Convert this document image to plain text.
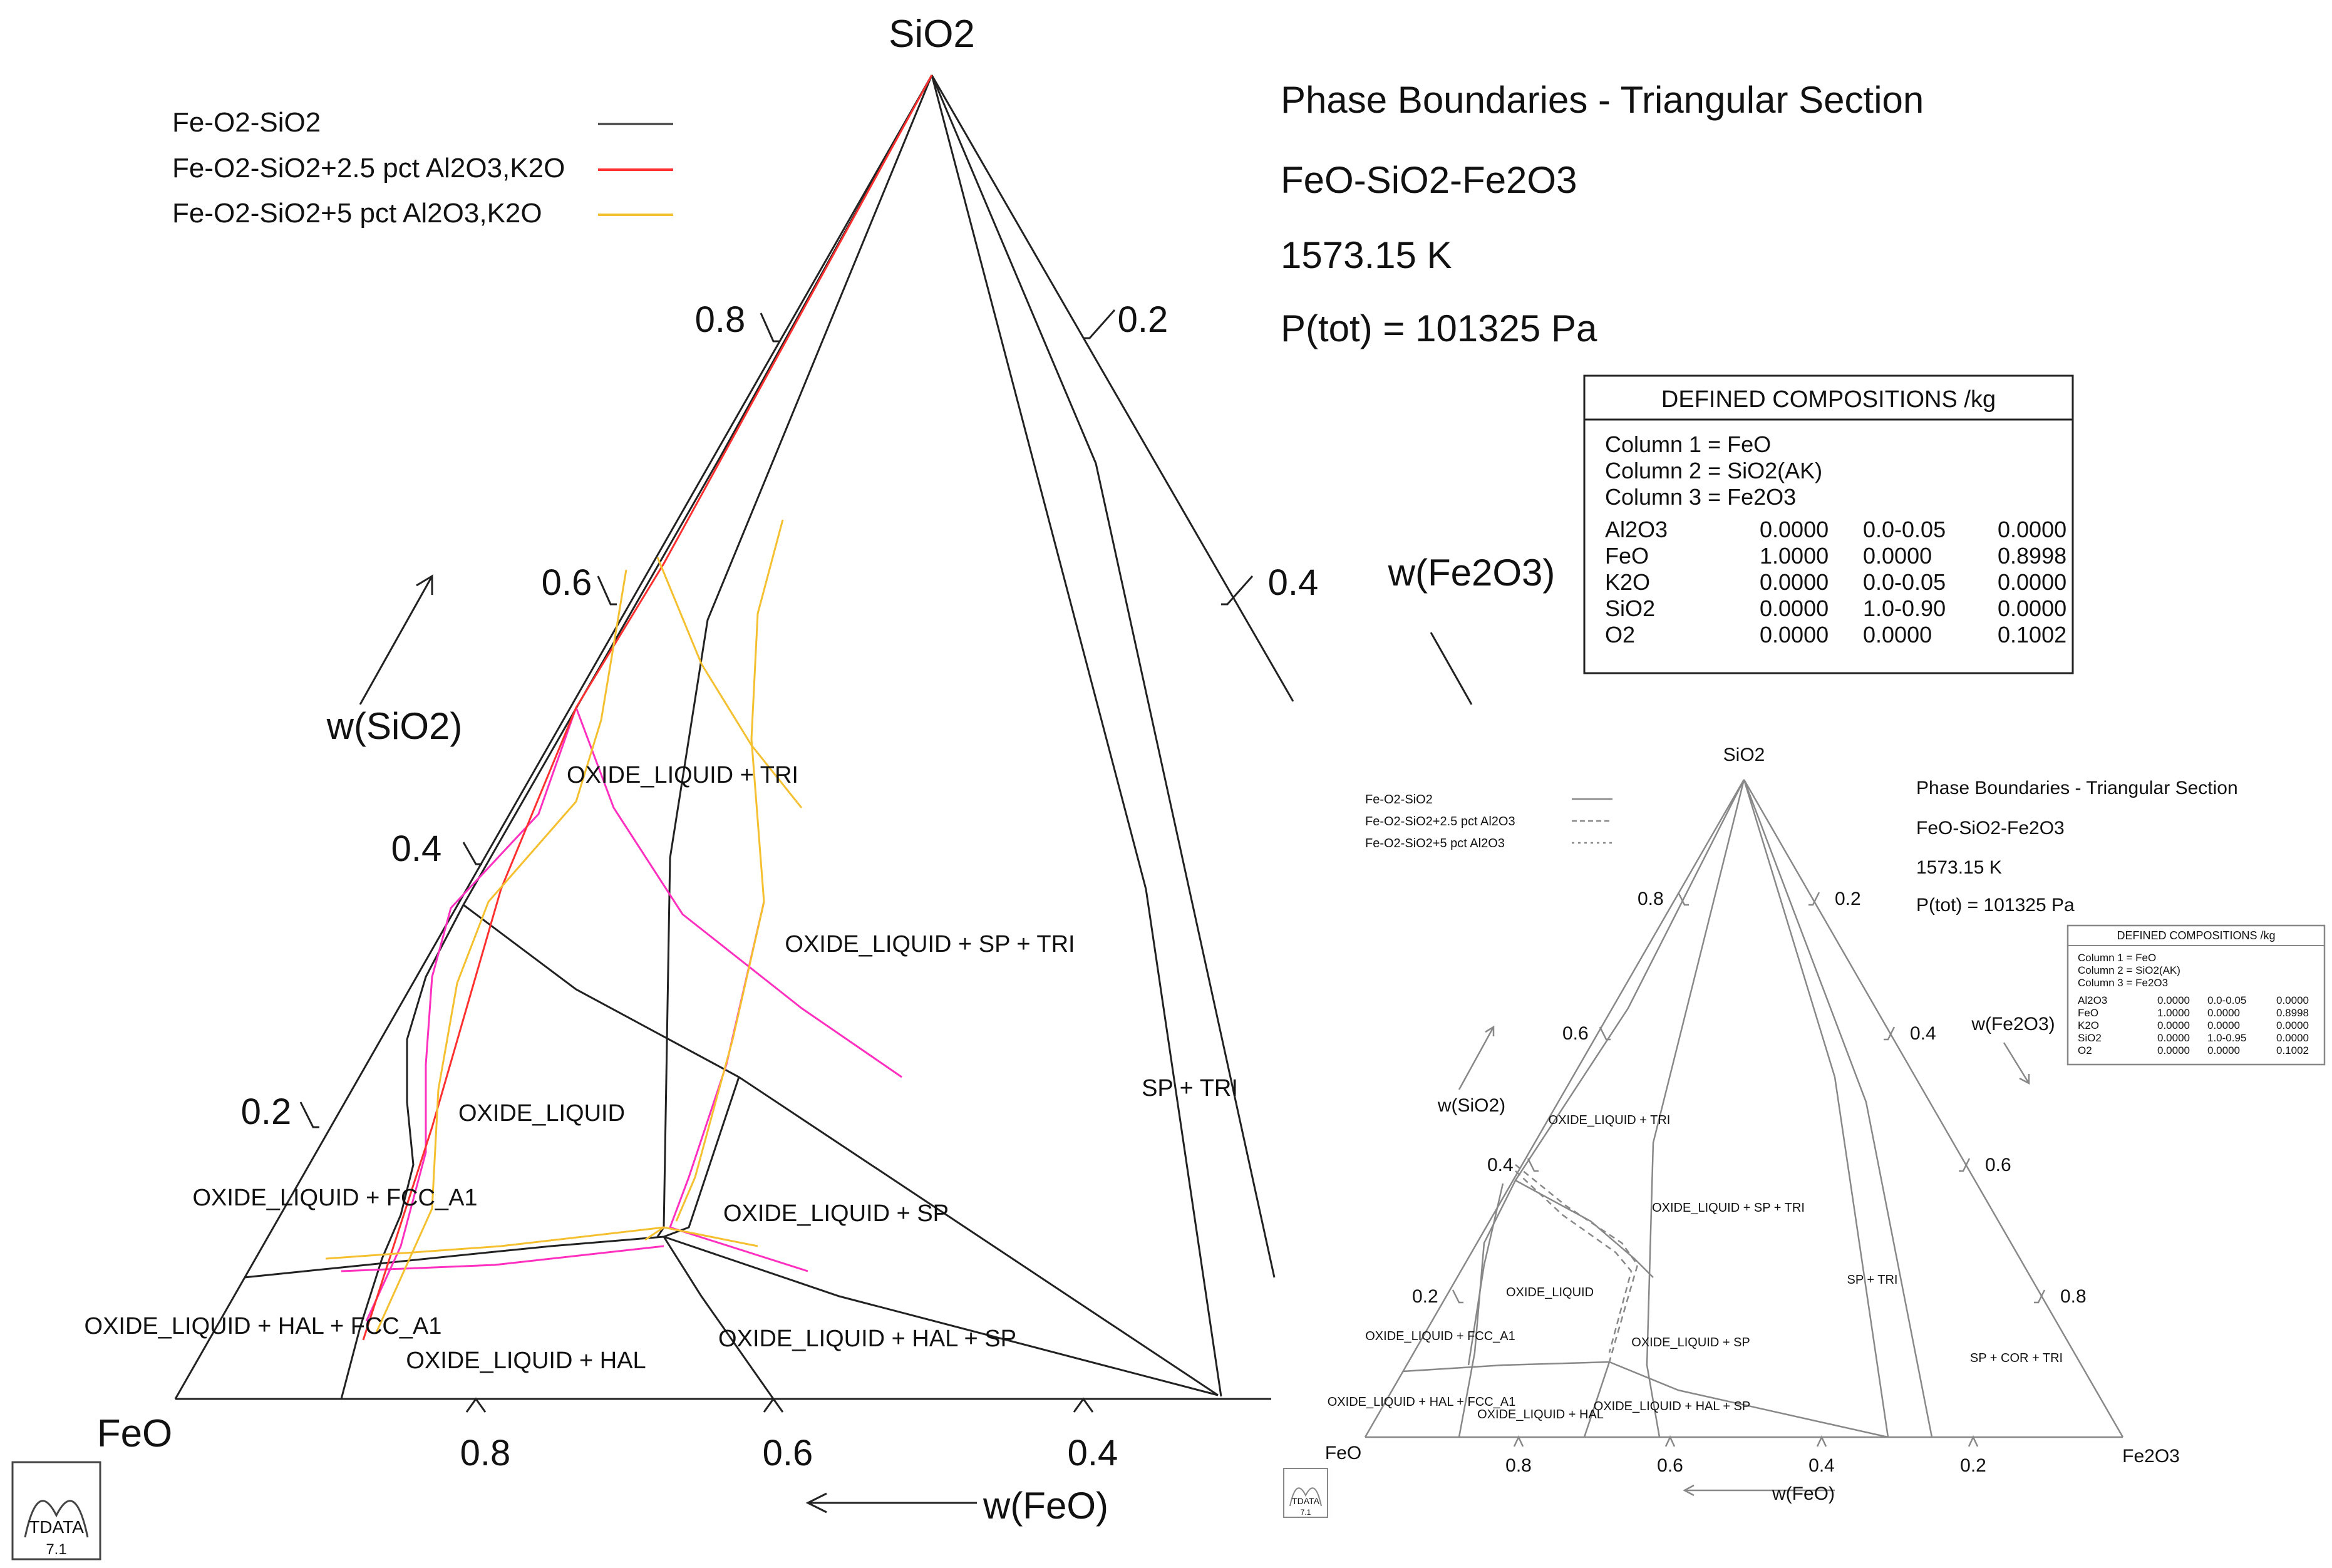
SiO2
FeO
0.8
0.6
0.4
0.2
0.2
0.4
0.8	0.6	0.4
w(SiO2)
w(FeO)
w(Fe2O3)
Phase Boundaries - Triangular Section
FeO-SiO2-Fe2O3
1573.15 K
P(tot) = 101325 Pa
Fe-O2-SiO2
Fe-O2-SiO2+2.5 pct Al2O3,K2O
Fe-O2-SiO2+5 pct Al2O3,K2O
OXIDE_LIQUID + TRI
OXIDE_LIQUID + SP + TRI
SP + TRI
OXIDE_LIQUID
OXIDE_LIQUID + FCC_A1
OXIDE_LIQUID + SP
OXIDE_LIQUID + HAL + FCC_A1
OXIDE_LIQUID + HAL
OXIDE_LIQUID + HAL + SP
DEFINED COMPOSITIONS /kg
Column 1 = FeO
Column 2 = SiO2(AK)
Column 3 = Fe2O3
Al2O3	0.0000 0.0-0.05 0.0000
FeO	1.0000 0.0000	0.8998
K2O	0.0000 0.0-0.05 0.0000
SiO2	0.0000 1.0-0.90 0.0000
O2	0.0000 0.0000	0.1002
TDATA
7.1
SiO2
FeO	Fe2O3
0.8
0.6
0.4
0.2
0.2
0.4
0.6
0.8
0.8	0.6	0.4	0.2
w(SiO2)
w(FeO)
w(Fe2O3)
Phase Boundaries - Triangular Section
FeO-SiO2-Fe2O3
1573.15 K
P(tot) = 101325 Pa
Fe-O2-SiO2
Fe-O2-SiO2+2.5 pct Al2O3
Fe-O2-SiO2+5 pct Al2O3
OXIDE_LIQUID + TRI
OXIDE_LIQUID + SP + TRI
SP + TRI
OXIDE_LIQUID
OXIDE_LIQUID + FCC_A1	OXIDE_LIQUID + SP
SP + COR + TRI
OXIDE_LIQUID + HAL + FCC_A1
OXIDE_LIQUID + HAL
OXIDE_LIQUID + HAL + SP
DEFINED COMPOSITIONS /kg
Column 1 = FeO
Column 2 = SiO2(AK)
Column 3 = Fe2O3
Al2O3	0.0000 0.0-0.05	0.0000
FeO	1.0000 0.0000	0.8998
K2O	0.0000 0.0000	0.0000
SiO2	0.0000 1.0-0.95	0.0000
O2	0.0000 0.0000	0.1002
TDATA
7.1
